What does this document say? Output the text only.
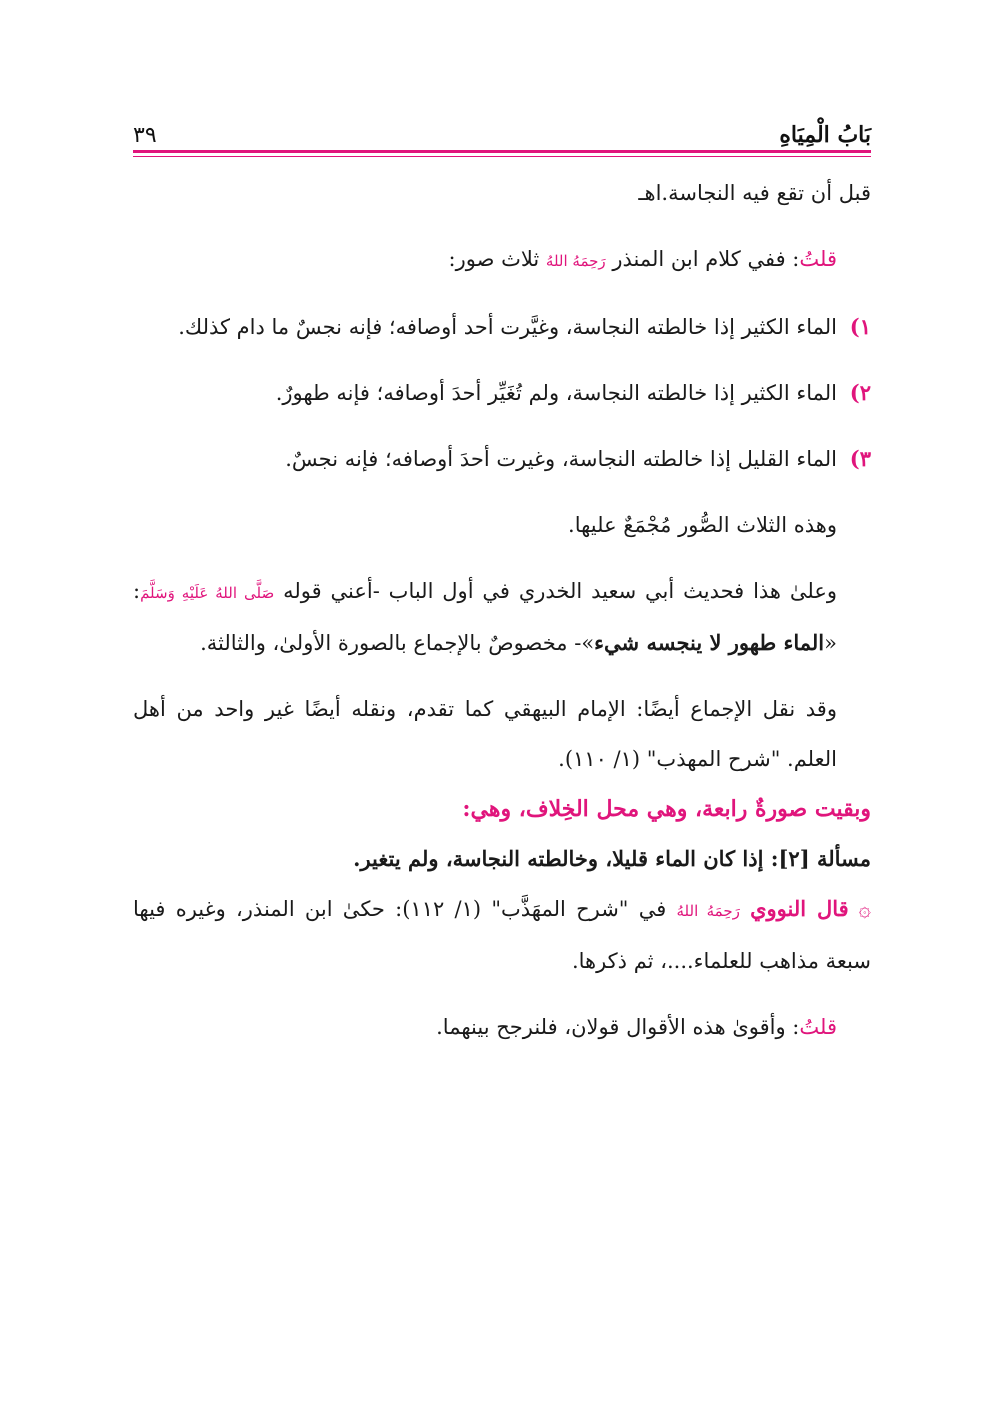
بَابُ الْمِيَاهِ
٣٩

قبل أن تقع فيه النجاسة.اهـ

قلتُ: ففي كلام ابن المنذر رَحِمَهُ اللهُ ثلاث صور:

١)
الماء الكثير إذا خالطته النجاسة، وغيَّرت أحد أوصافه؛ فإنه نجسٌ ما دام كذلك.
٢)
الماء الكثير إذا خالطته النجاسة، ولم تُغَيِّر أحدَ أوصافه؛ فإنه طهورٌ.
٣)
الماء القليل إذا خالطته النجاسة، وغيرت أحدَ أوصافه؛ فإنه نجسٌ.

وهذه الثلاث الصُّور مُجْمَعٌ عليها.

وعلىٰ هذا فحديث أبي سعيد الخدري في أول الباب -أعني قوله صَلَّى اللهُ عَلَيْهِ وَسَلَّمَ: «الماء طهور لا ينجسه شيء»- مخصوصٌ بالإجماع بالصورة الأولىٰ، والثالثة.

وقد نقل الإجماع أيضًا: الإمام البيهقي كما تقدم، ونقله أيضًا غير واحد من أهل العلم. "شرح المهذب" (١/ ١١٠).

وبقيت صورةٌ رابعة، وهي محل الخِلاف، وهي:

مسألة [٢]: إذا كان الماء قليلا، وخالطته النجاسة، ولم يتغير.

۞قال النووي رَحِمَهُ اللهُ في "شرح المهَذَّب" (١/ ١١٢): حكىٰ ابن المنذر، وغيره فيها سبعة مذاهب للعلماء....، ثم ذكرها.

قلتُ: وأقوىٰ هذه الأقوال قولان، فلنرجح بينهما.
